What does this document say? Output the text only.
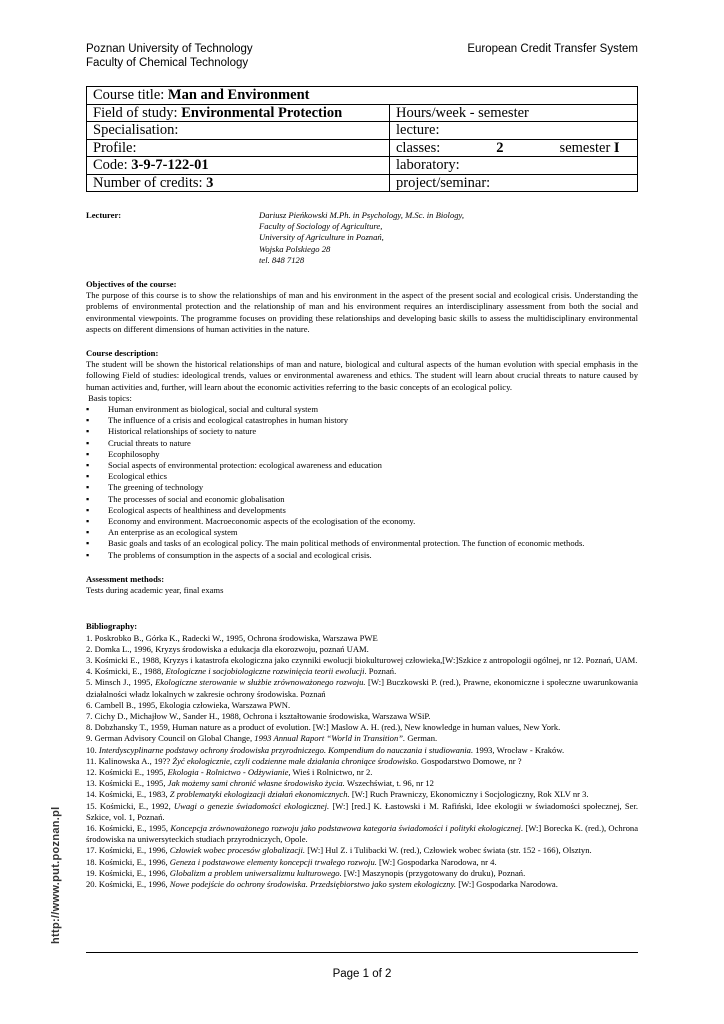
Poznan University of Technology
Faculty of Chemical Technology
European Credit Transfer System
Course title: Man and Environment	
Field of study: Environmental Protection	Hours/week - semester
Specialisation:	lecture:
Profile:	classes: 2 semester I
Code: 3-9-7-122-01	laboratory:
Number of credits: 3	project/seminar:
Lecturer:	Dariusz Pieńkowski M.Ph. in Psychology, M.Sc. in Biology,
Faculty of Sociology of Agriculture,
University of Agriculture in Poznań,
Wojska Polskiego 28
tel. 848 7128
Objectives of the course:

The purpose of this course is to show the relationships of man and his environment in the aspect of the present social and ecological crisis. Understanding the problems of environmental protection and the relationship of man and his environment requires an interdisciplinary assessment from both the social and environmental viewpoints. The programme focuses on providing these relationships and developing basic skills to assess the multidisciplinary environmental aspects on different dimensions of human activities in the nature.

Course description:

The student will be shown the historical relationships of man and nature, biological and cultural aspects of the human evolution with special emphasis in the following Field of studies: ideological trends, values or environmental awareness and ethics. The student will learn about crucial threats to nature caused by human activities and, further, will learn about the economic activities referring to the basic concepts of an ecological policy.

Basis topics:
▪ Human environment as biological, social and cultural system
▪ The influence of a crisis and ecological catastrophes in human history
▪ Historical relationships of society to nature
▪ Crucial threats to nature
▪ Ecophilosophy
▪ Social aspects of environmental protection: ecological awareness and education
▪ Ecological ethics
▪ The greening of technology
▪ The processes of social and economic globalisation
▪ Ecological aspects of healthiness and developments
▪ Economy and environment. Macroeconomic aspects of the ecologisation of the economy.
▪ An enterprise as an ecological system
▪ Basic goals and tasks of an ecological policy. The main political methods of environmental protection. The function of economic methods.
▪ The problems of consumption in the aspects of a social and ecological crisis.
Assessment methods:
Tests during academic year, final exams
Bibliography:
1. Poskrobko B., Górka K., Radecki W., 1995, Ochrona środowiska, Warszawa PWE
2. Domka L., 1996, Kryzys środowiska a edukacja dla ekorozwoju, poznań UAM.
3. Kośmicki E., 1988, Kryzys i katastrofa ekologiczna jako czynniki ewolucji biokulturowej człowieka,[W:]Szkice z antropologii ogólnej, nr 12. Poznań, UAM.
4. Kośmicki, E., 1988, Etologiczne i socjobiologiczne rozwinięcia teorii ewolucji. Poznań.
5. Minsch J., 1995, Ekologiczne sterowanie w służbie zrównoważonego rozwoju. [W:] Buczkowski P. (red.), Prawne, ekonomiczne i społeczne uwarunkowania działalności władz lokalnych w zakresie ochrony środowiska. Poznań
6. Cambell B., 1995, Ekologia człowieka, Warszawa PWN.
7. Cichy D., Michajłow W., Sander H., 1988, Ochrona i kształtowanie środowiska, Warszawa WSiP.
8. Dobzhansky T., 1959, Human nature as a product of evolution. [W:] Maslow A. H. (red.), New knowledge in human values, New York.
9. German Advisory Council on Global Change, 1993 Annual Raport “World in Transition”. German.
10. Interdyscyplinarne podstawy ochrony środowiska przyrodniczego. Kompendium do nauczania i studiowania. 1993, Wrocław - Kraków.
11. Kalinowska A., 19?? Żyć ekologicznie, czyli codzienne małe działania chroniące środowisko. Gospodarstwo Domowe, nr ?
12. Kośmicki E., 1995, Ekologia - Rolnictwo - Odżywianie, Wieś i Rolnictwo, nr 2.
13. Kośmicki E., 1995, Jak możemy sami chronić własne środowisko życia. Wszechświat, t. 96, nr 12
14. Kośmicki, E., 1983, Z problematyki ekologizacji działań ekonomicznych. [W:] Ruch Prawniczy, Ekonomiczny i Socjologiczny, Rok XLV nr 3.
15. Kośmicki, E., 1992, Uwagi o genezie świadomości ekologicznej. [W:] [red.] K. Łastowski i M. Rafiński, Idee ekologii w świadomości społecznej, Ser. Szkice, vol. 1, Poznań.
16. Kośmicki, E., 1995, Koncepcja zrównoważonego rozwoju jako podstawowa kategoria świadomości i polityki ekologicznej. [W:] Borecka K. (red.), Ochrona środowiska na uniwersyteckich studiach przyrodniczych, Opole.
17. Kośmicki, E., 1996, Człowiek wobec procesów globalizacji. [W:] Hul Z. i Tulibacki W. (red.), Człowiek wobec świata (str. 152 - 166), Olsztyn.
18. Kośmicki, E., 1996, Geneza i podstawowe elementy koncepcji trwałego rozwoju. [W:] Gospodarka Narodowa, nr 4.
19. Kośmicki, E., 1996, Globalizm a problem uniwersalizmu kulturowego. [W:] Maszynopis (przygotowany do druku), Poznań.
20. Kośmicki, E., 1996, Nowe podejście do ochrony środowiska. Przedsiębiorstwo jako system ekologiczny. [W:] Gospodarka Narodowa.
Page 1 of 2
http://www.put.poznan.pl
